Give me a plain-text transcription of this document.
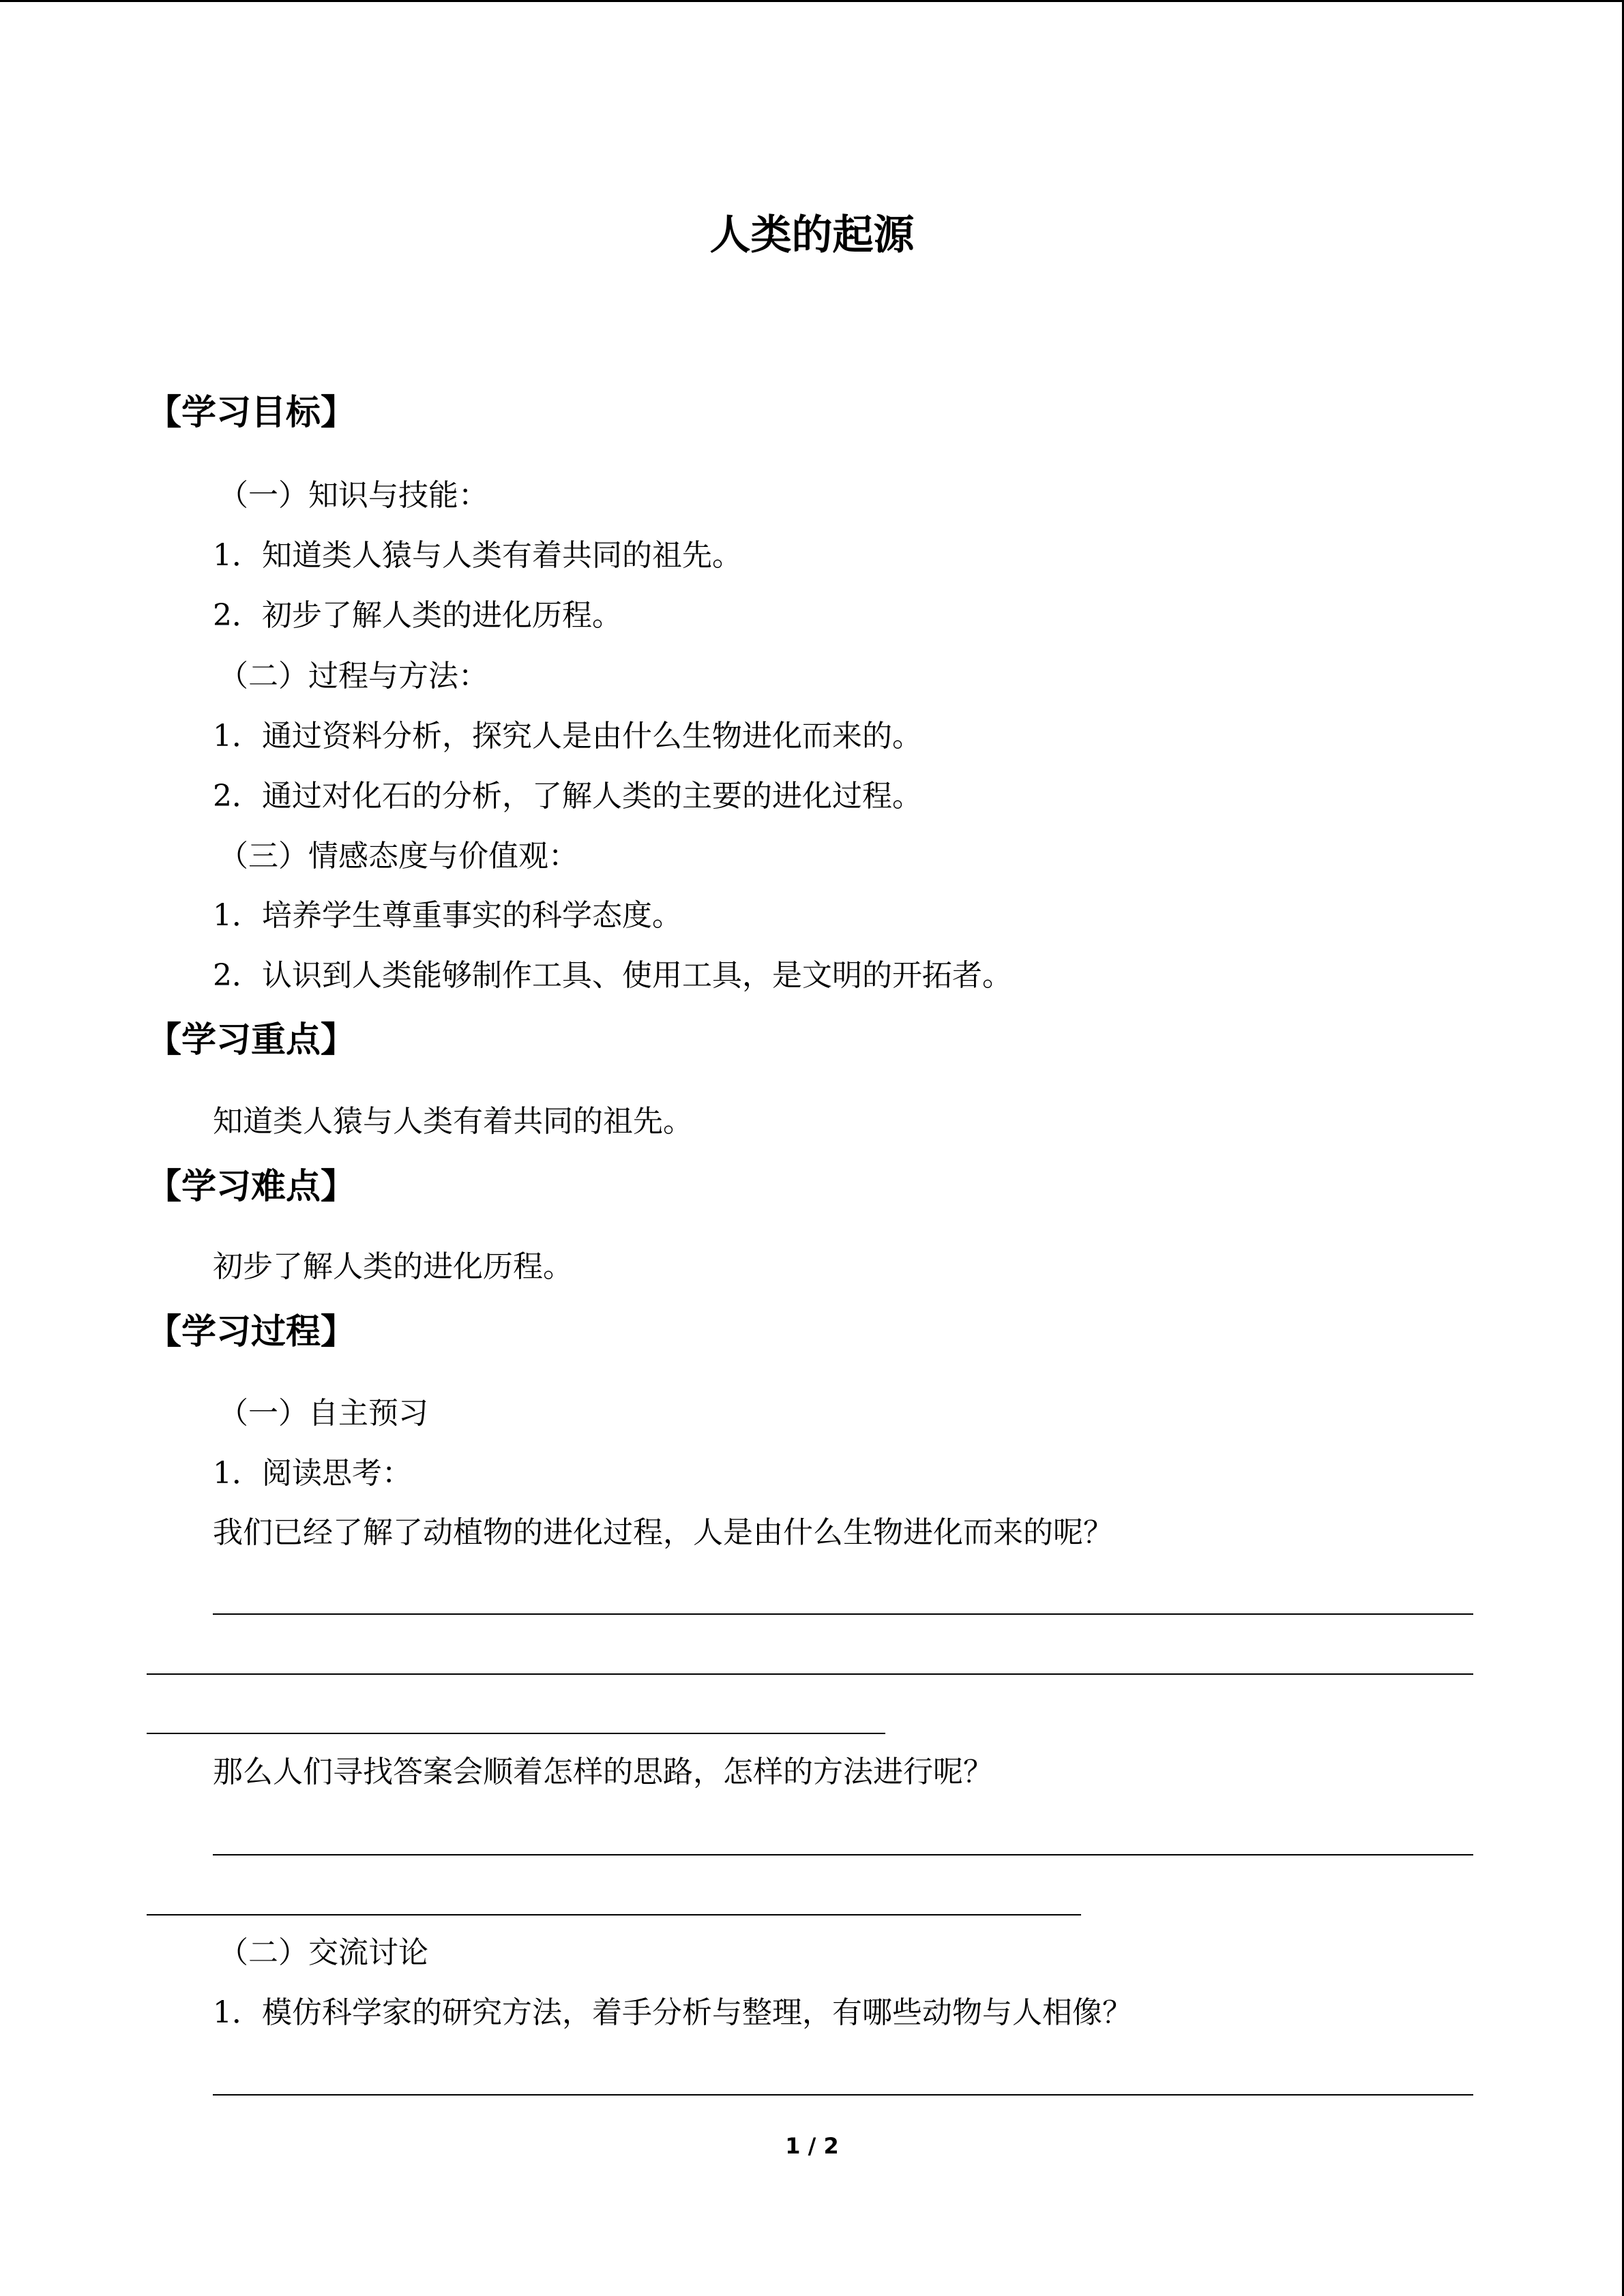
人类的起源
【学习目标】
（一）知识与技能：
1．知道类人猿与人类有着共同的祖先。
2．初步了解人类的进化历程。
（二）过程与方法：
1．通过资料分析，探究人是由什么生物进化而来的。
2．通过对化石的分析，了解人类的主要的进化过程。
（三）情感态度与价值观：
1．培养学生尊重事实的科学态度。
2．认识到人类能够制作工具、使用工具，是文明的开拓者。
【学习重点】
知道类人猿与人类有着共同的祖先。
【学习难点】
初步了解人类的进化历程。
【学习过程】
（一）自主预习
1．阅读思考：
我们已经了解了动植物的进化过程，人是由什么生物进化而来的呢？
那么人们寻找答案会顺着怎样的思路，怎样的方法进行呢？
（二）交流讨论
1．模仿科学家的研究方法，着手分析与整理，有哪些动物与人相像？
1 / 2
